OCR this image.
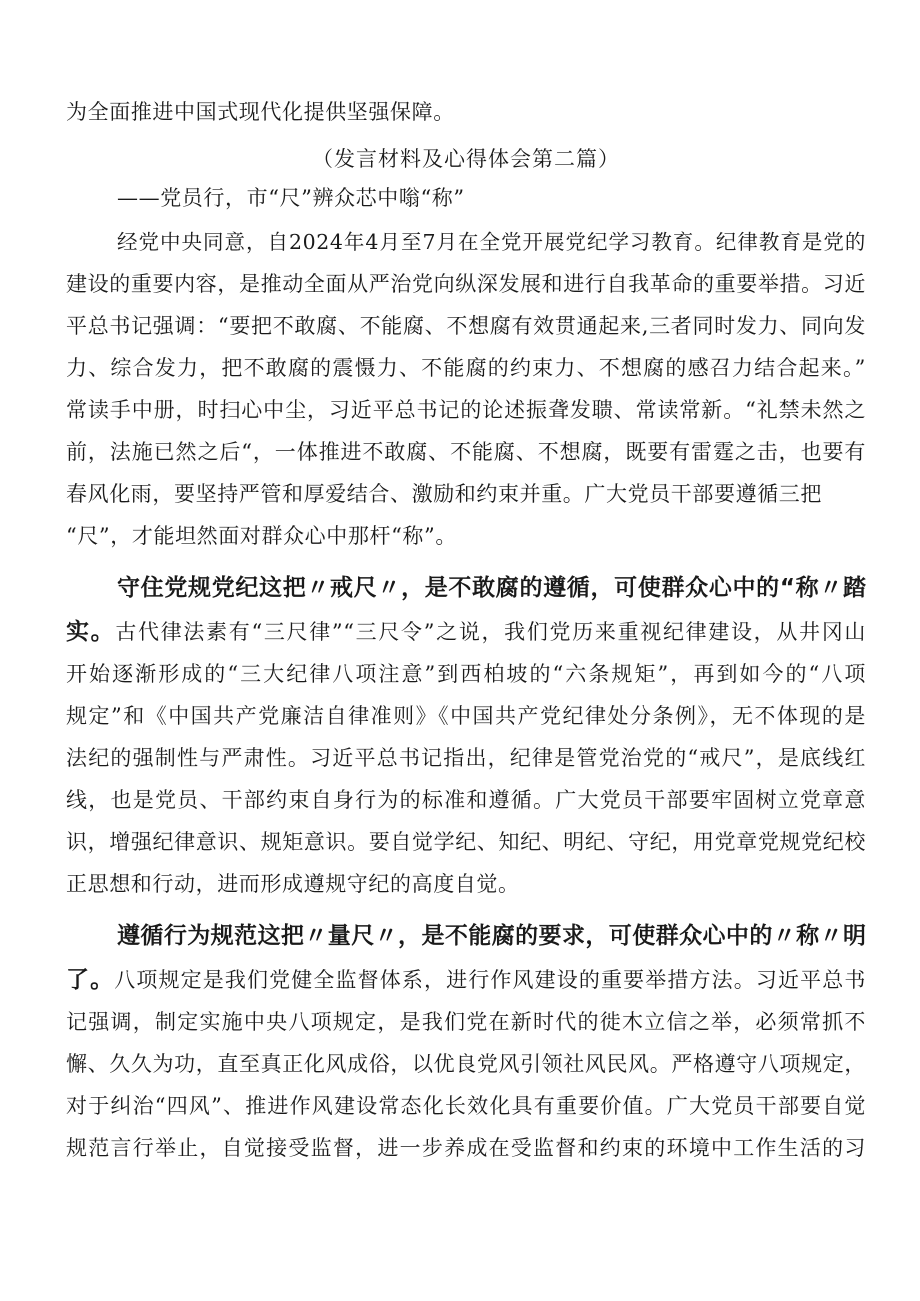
为全面推进中国式现代化提供坚强保障。
（发言材料及心得体会第二篇）
——党员行，市“尺”辨众芯中嗡“称”
经党中央同意，自2024年4月至7月在全党开展党纪学习教育。纪律教育是党的
建设的重要内容，是推动全面从严治党向纵深发展和进行自我革命的重要举措。习近
平总书记强调：“要把不敢腐、不能腐、不想腐有效贯通起来,三者同时发力、同向发
力、综合发力，把不敢腐的震慑力、不能腐的约束力、不想腐的感召力结合起来。”
常读手中册，时扫心中尘，习近平总书记的论述振聋发聩、常读常新。“礼禁未然之
前，法施已然之后“，一体推进不敢腐、不能腐、不想腐，既要有雷霆之击，也要有
春风化雨，要坚持严管和厚爱结合、激励和约束并重。广大党员干部要遵循三把
“尺”，才能坦然面对群众心中那杆“称”。
守住党规党纪这把〃戒尺〃，是不敢腐的遵循，可使群众心中的“称〃踏
实。古代律法素有“三尺律”“三尺令”之说，我们党历来重视纪律建设，从井冈山
开始逐渐形成的“三大纪律八项注意”到西柏坡的“六条规矩”，再到如今的“八项
规定”和《中国共产党廉洁自律准则》《中国共产党纪律处分条例》，无不体现的是
法纪的强制性与严肃性。习近平总书记指出，纪律是管党治党的“戒尺”，是底线红
线，也是党员、干部约束自身行为的标准和遵循。广大党员干部要牢固树立党章意
识，增强纪律意识、规矩意识。要自觉学纪、知纪、明纪、守纪，用党章党规党纪校
正思想和行动，进而形成遵规守纪的高度自觉。
遵循行为规范这把〃量尺〃，是不能腐的要求，可使群众心中的〃称〃明
了。八项规定是我们党健全监督体系，进行作风建设的重要举措方法。习近平总书
记强调，制定实施中央八项规定，是我们党在新时代的徙木立信之举，必须常抓不
懈、久久为功，直至真正化风成俗，以优良党风引领社风民风。严格遵守八项规定，
对于纠治“四风”、推进作风建设常态化长效化具有重要价值。广大党员干部要自觉
规范言行举止，自觉接受监督，进一步养成在受监督和约束的环境中工作生活的习
